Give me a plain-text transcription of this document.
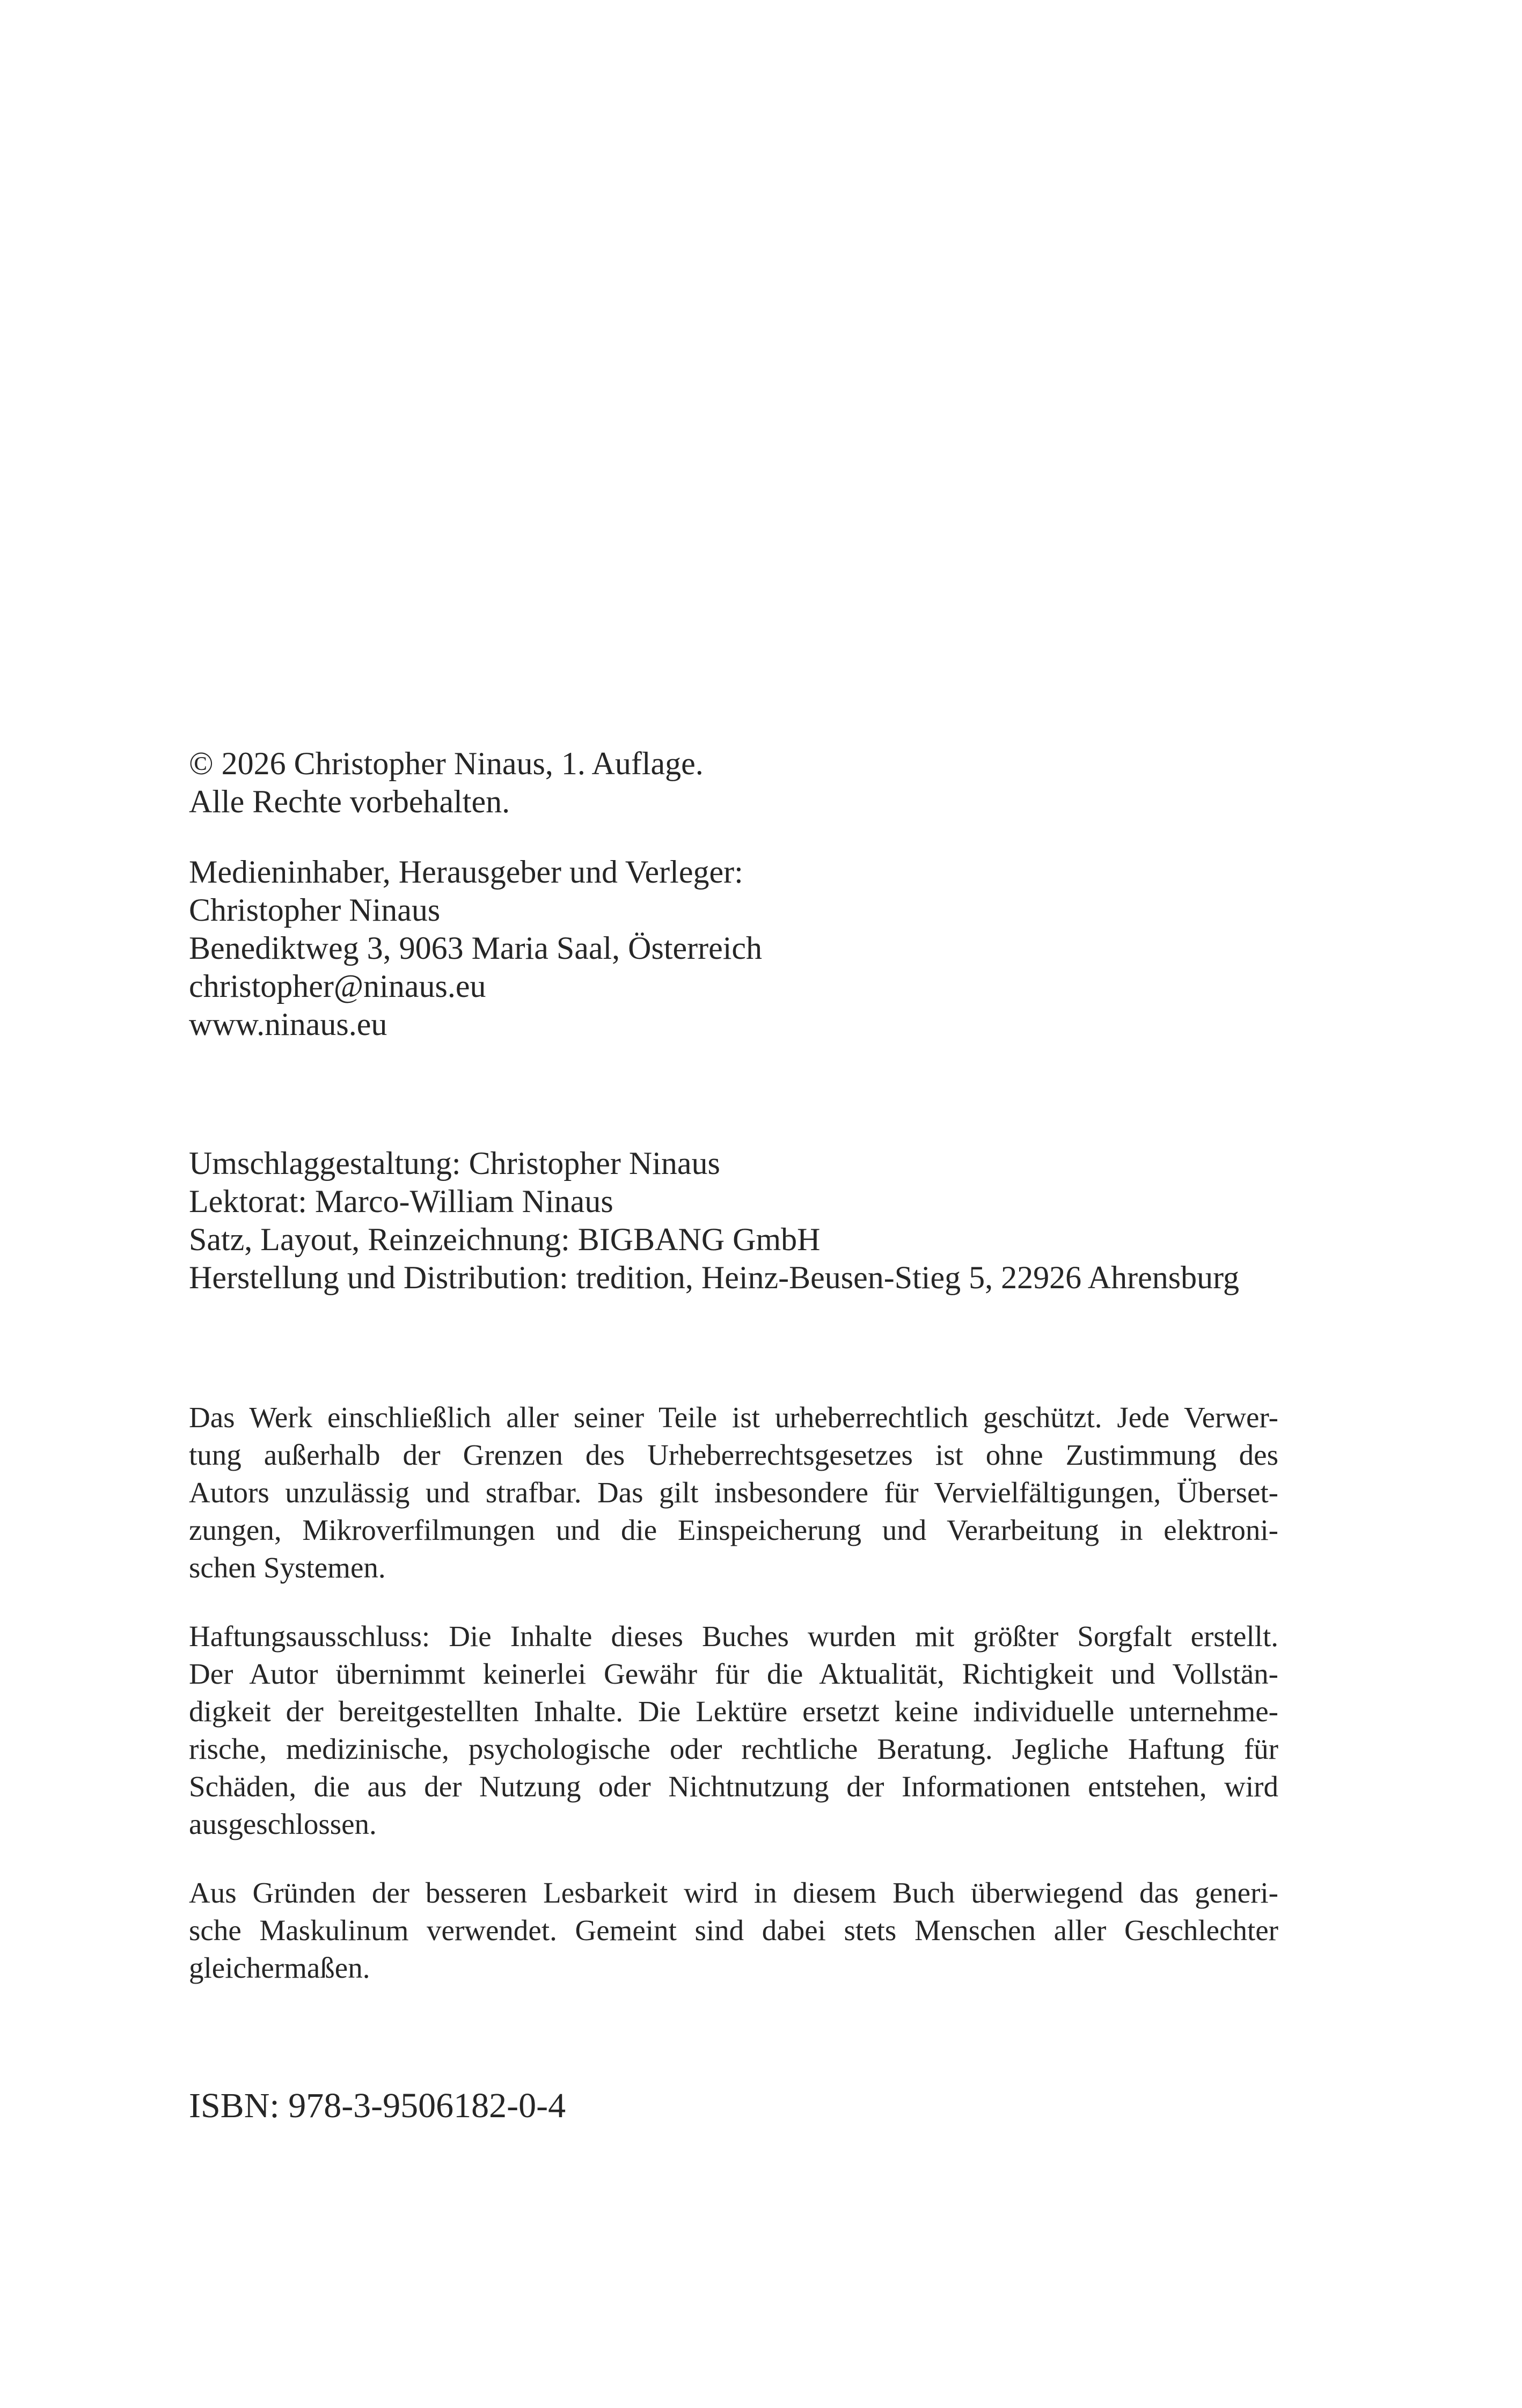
© 2026 Christopher Ninaus, 1. Auflage.
Alle Rechte vorbehalten.
Medieninhaber, Herausgeber und Verleger:
Christopher Ninaus
Benediktweg 3, 9063 Maria Saal, Österreich
christopher@ninaus.eu
www.ninaus.eu
Umschlaggestaltung: Christopher Ninaus
Lektorat: Marco-William Ninaus
Satz, Layout, Reinzeichnung: BIGBANG GmbH
Herstellung und Distribution: tredition, Heinz-Beusen-Stieg 5, 22926 Ahrensburg
Das Werk einschließlich aller seiner Teile ist urheberrechtlich geschützt. Jede Verwer-
tung außerhalb der Grenzen des Urheberrechtsgesetzes ist ohne Zustimmung des
Autors unzulässig und strafbar. Das gilt insbesondere für Vervielfältigungen, Überset-
zungen, Mikroverfilmungen und die Einspeicherung und Verarbeitung in elektroni-
schen Systemen.
Haftungsausschluss: Die Inhalte dieses Buches wurden mit größter Sorgfalt erstellt.
Der Autor übernimmt keinerlei Gewähr für die Aktualität, Richtigkeit und Vollstän-
digkeit der bereitgestellten Inhalte. Die Lektüre ersetzt keine individuelle unternehme-
rische, medizinische, psychologische oder rechtliche Beratung. Jegliche Haftung für
Schäden, die aus der Nutzung oder Nichtnutzung der Informationen entstehen, wird
ausgeschlossen.
Aus Gründen der besseren Lesbarkeit wird in diesem Buch überwiegend das generi-
sche Maskulinum verwendet. Gemeint sind dabei stets Menschen aller Geschlechter
gleichermaßen.
ISBN: 978-3-9506182-0-4
